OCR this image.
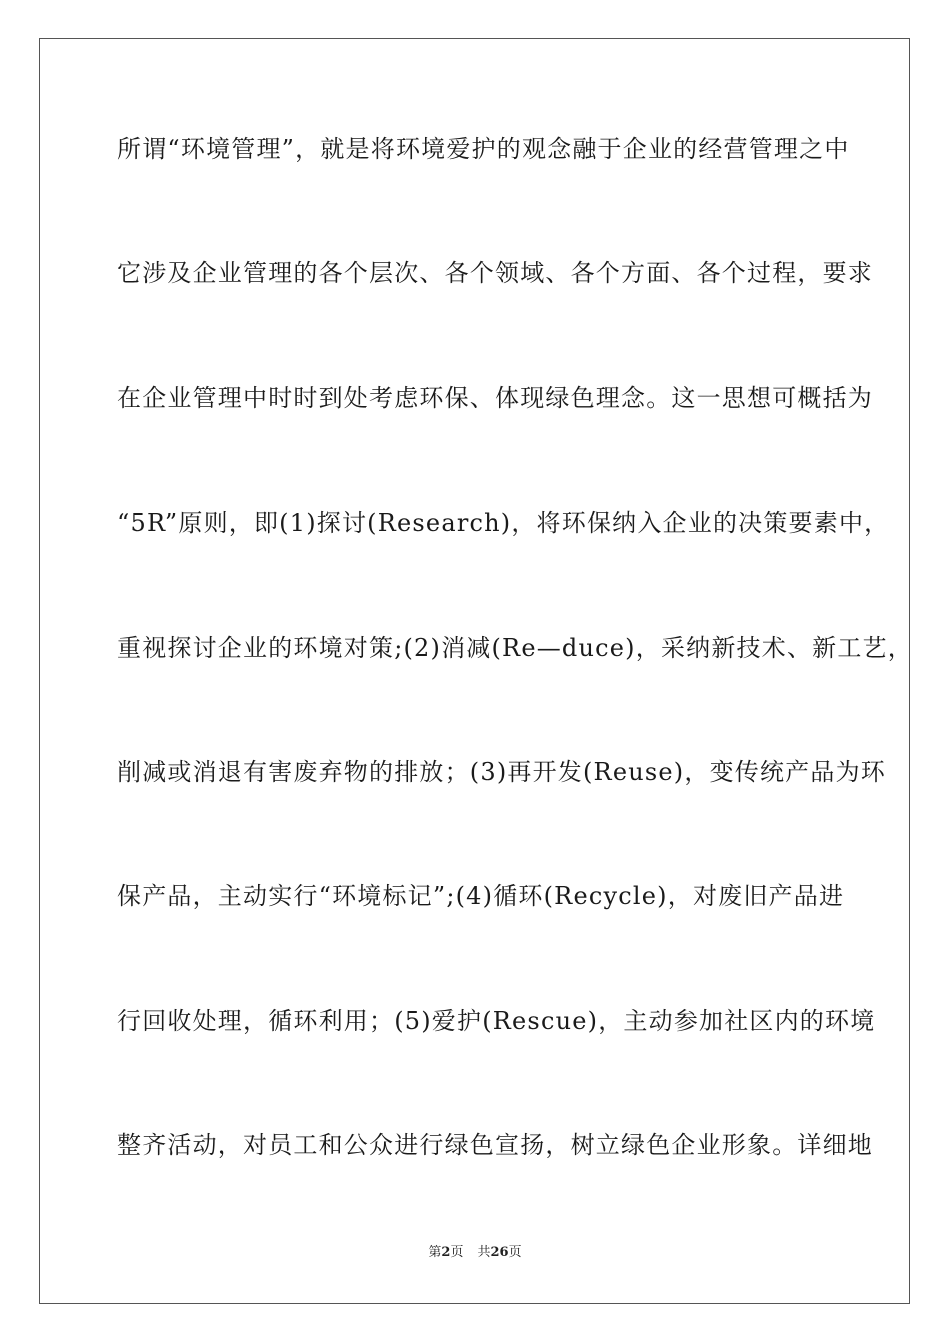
所谓“环境管理”，就是将环境爱护的观念融于企业的经营管理之中
它涉及企业管理的各个层次、各个领域、各个方面、各个过程，要求
在企业管理中时时到处考虑环保、体现绿色理念。这一思想可概括为
“5R”原则，即(1)探讨(Research)，将环保纳入企业的决策要素中，
重视探讨企业的环境对策;(2)消减(Re—duce)，采纳新技术、新工艺，
削减或消退有害废弃物的排放；(3)再开发(Reuse)，变传统产品为环
保产品，主动实行“环境标记”;(4)循环(Recycle)，对废旧产品进
行回收处理，循环利用；(5)爱护(Rescue)，主动参加社区内的环境
整齐活动，对员工和公众进行绿色宣扬，树立绿色企业形象。详细地
第2页 共26页
